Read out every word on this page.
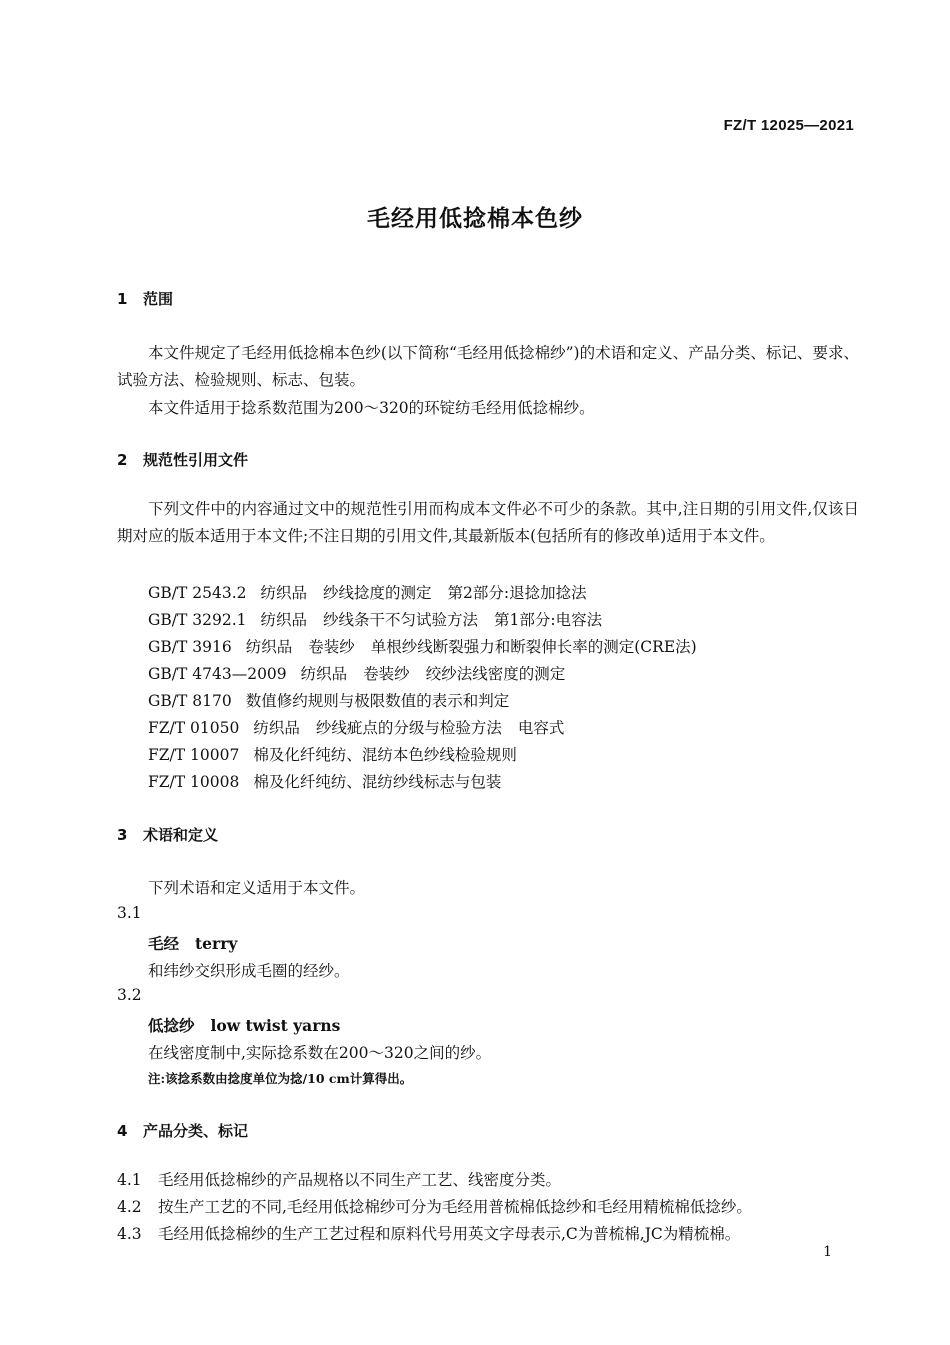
FZ/T 12025—2021
毛经用低捻棉本色纱
1 范围
本文件规定了毛经用低捻棉本色纱(以下简称“毛经用低捻棉纱”)的术语和定义、产品分类、标记、要求、试验方法、检验规则、标志、包装。
本文件适用于捻系数范围为200～320的环锭纺毛经用低捻棉纱。
2 规范性引用文件
下列文件中的内容通过文中的规范性引用而构成本文件必不可少的条款。其中,注日期的引用文件,仅该日期对应的版本适用于本文件;不注日期的引用文件,其最新版本(包括所有的修改单)适用于本文件。
GB/T 2543.2 纺织品 纱线捻度的测定 第2部分:退捻加捻法
GB/T 3292.1 纺织品 纱线条干不匀试验方法 第1部分:电容法
GB/T 3916 纺织品 卷装纱 单根纱线断裂强力和断裂伸长率的测定(CRE法)
GB/T 4743—2009 纺织品 卷装纱 绞纱法线密度的测定
GB/T 8170 数值修约规则与极限数值的表示和判定
FZ/T 01050 纺织品 纱线疵点的分级与检验方法 电容式
FZ/T 10007 棉及化纤纯纺、混纺本色纱线检验规则
FZ/T 10008 棉及化纤纯纺、混纺纱线标志与包装
3 术语和定义
下列术语和定义适用于本文件。
3.1
毛经 terry
和纬纱交织形成毛圈的经纱。
3.2
低捻纱 low twist yarns
在线密度制中,实际捻系数在200～320之间的纱。
注:该捻系数由捻度单位为捻/10 cm计算得出。
4 产品分类、标记
4.1 毛经用低捻棉纱的产品规格以不同生产工艺、线密度分类。
4.2 按生产工艺的不同,毛经用低捻棉纱可分为毛经用普梳棉低捻纱和毛经用精梳棉低捻纱。
4.3 毛经用低捻棉纱的生产工艺过程和原料代号用英文字母表示,C为普梳棉,JC为精梳棉。
1
